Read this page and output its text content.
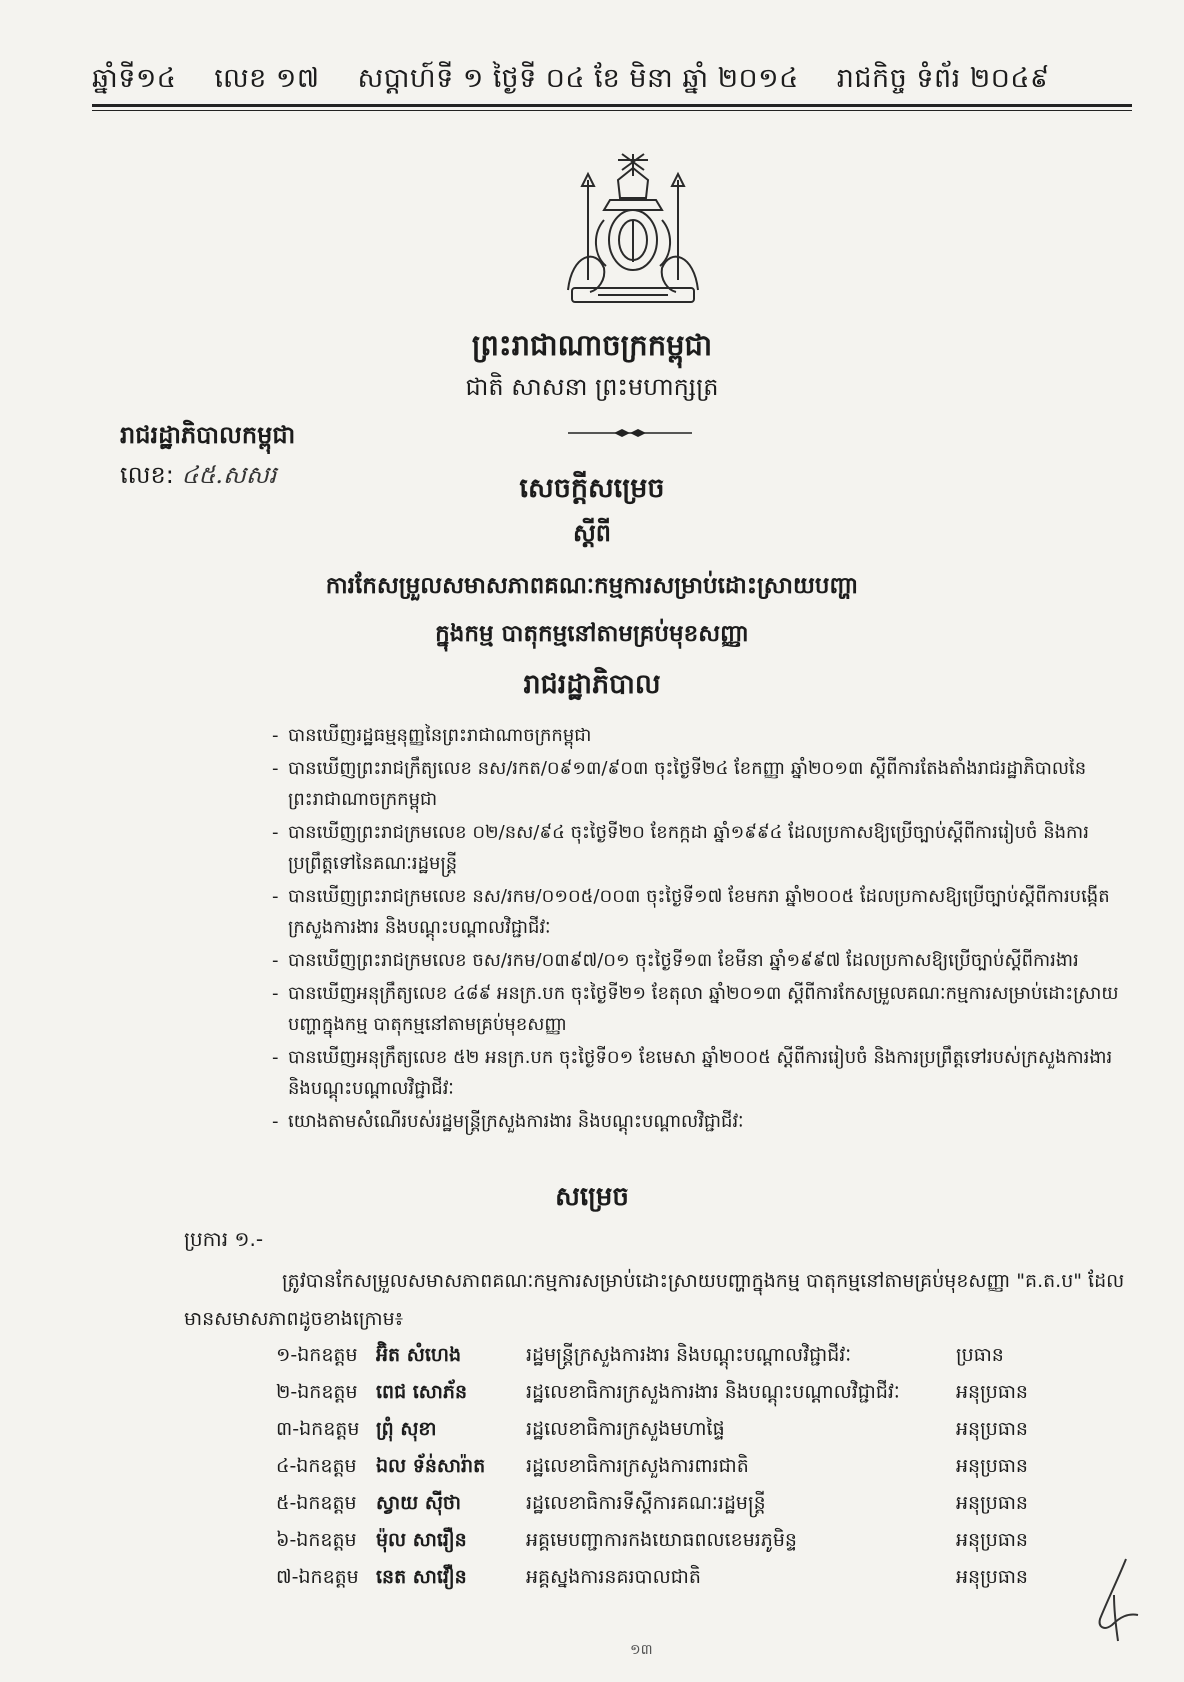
ឆ្នាំទី១៤ លេខ ១៧ សប្តាហ៍ទី ១ ថ្ងៃទី ០៤ ខែ មិនា ឆ្នាំ ២០១៤ រាជកិច្ច ទំព័រ ២០៤៩
ព្រះរាជាណាចក្រកម្ពុជា
ជាតិ សាសនា ព្រះមហាក្សត្រ
រាជរដ្ឋាភិបាលកម្ពុជា
លេខ: ៤៥.សសរ	សេចក្ដីសម្រេច
ស្ដីពី
ការកែសម្រួលសមាសភាពគណៈកម្មការសម្រាប់ដោះស្រាយបញ្ហា
ក្នុងកម្ម បាតុកម្មនៅតាមគ្រប់មុខសញ្ញា
រាជរដ្ឋាភិបាល
- បានឃើញរដ្ឋធម្មនុញ្ញនៃព្រះរាជាណាចក្រកម្ពុជា
- បានឃើញព្រះរាជក្រឹត្យលេខ នស/រកត/០៩១៣/៩០៣ ចុះថ្ងៃទី២៤ ខែកញ្ញា ឆ្នាំ២០១៣ ស្ដីពីការតែងតាំងរាជរដ្ឋាភិបាលនៃព្រះរាជាណាចក្រកម្ពុជា
- បានឃើញព្រះរាជក្រមលេខ ០២/នស/៩៤ ចុះថ្ងៃទី២០ ខែកក្កដា ឆ្នាំ១៩៩៤ ដែលប្រកាសឱ្យប្រើច្បាប់ស្ដីពីការរៀបចំ និងការប្រព្រឹត្តទៅនៃគណៈរដ្ឋមន្ត្រី
- បានឃើញព្រះរាជក្រមលេខ នស/រកម/០១០៥/០០៣ ចុះថ្ងៃទី១៧ ខែមករា ឆ្នាំ២០០៥ ដែលប្រកាសឱ្យប្រើច្បាប់ស្ដីពីការបង្កើតក្រសួងការងារ និងបណ្ដុះបណ្ដាលវិជ្ជាជីវៈ
- បានឃើញព្រះរាជក្រមលេខ ចស/រកម/០៣៩៧/០១ ចុះថ្ងៃទី១៣ ខែមីនា ឆ្នាំ១៩៩៧ ដែលប្រកាសឱ្យប្រើច្បាប់ស្ដីពីការងារ
- បានឃើញអនុក្រឹត្យលេខ ៤៨៩ អនក្រ.បក ចុះថ្ងៃទី២១ ខែតុលា ឆ្នាំ២០១៣ ស្ដីពីការកែសម្រួលគណៈកម្មការសម្រាប់ដោះស្រាយបញ្ហាក្នុងកម្ម បាតុកម្មនៅតាមគ្រប់មុខសញ្ញា
- បានឃើញអនុក្រឹត្យលេខ ៥២ អនក្រ.បក ចុះថ្ងៃទី០១ ខែមេសា ឆ្នាំ២០០៥ ស្ដីពីការរៀបចំ និងការប្រព្រឹត្តទៅរបស់ក្រសួងការងារ និងបណ្ដុះបណ្ដាលវិជ្ជាជីវៈ
- យោងតាមសំណើរបស់រដ្ឋមន្ត្រីក្រសួងការងារ និងបណ្ដុះបណ្ដាលវិជ្ជាជីវៈ
សម្រេច
ប្រការ ១.-
ត្រូវបានកែសម្រួលសមាសភាពគណៈកម្មការសម្រាប់ដោះស្រាយបញ្ហាក្នុងកម្ម បាតុកម្មនៅតាមគ្រប់មុខសញ្ញា "គ.ត.ប" ដែលមានសមាសភាពដូចខាងក្រោម៖
១-ឯកឧត្តម	អ៊ិត សំហេង	រដ្ឋមន្ត្រីក្រសួងការងារ និងបណ្ដុះបណ្ដាលវិជ្ជាជីវៈ	ប្រធាន
២-ឯកឧត្តម	ពេជ សោភ័ន	រដ្ឋលេខាធិការក្រសួងការងារ និងបណ្ដុះបណ្ដាលវិជ្ជាជីវៈ	អនុប្រធាន
៣-ឯកឧត្តម	ព្រុំ សុខា	រដ្ឋលេខាធិការក្រសួងមហាផ្ទៃ	អនុប្រធាន
៤-ឯកឧត្តម	ឯល ទ័ន់សារ៉ាត	រដ្ឋលេខាធិការក្រសួងការពារជាតិ	អនុប្រធាន
៥-ឯកឧត្តម	ស្វាយ ស៊ីថា	រដ្ឋលេខាធិការទីស្ដីការគណៈរដ្ឋមន្ត្រី	អនុប្រធាន
៦-ឯកឧត្តម	ម៉ុល សារឿន	អគ្គមេបញ្ជាការកងយោធពលខេមរភូមិន្ទ	អនុប្រធាន
៧-ឯកឧត្តម	នេត សាវឿន	អគ្គស្នងការនគរបាលជាតិ	អនុប្រធាន
១៣
